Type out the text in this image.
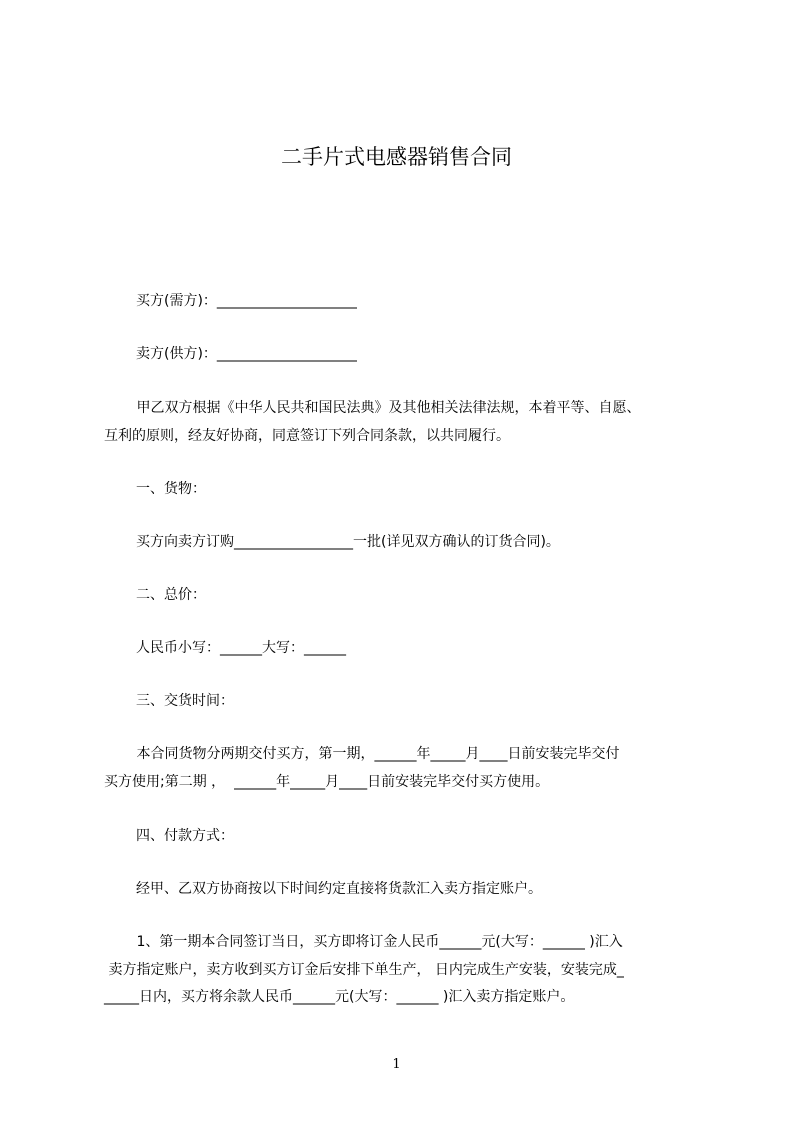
二手片式电感器销售合同
买方(需方)：____________________
卖方(供方)：____________________
甲乙双方根据《中华人民共和国民法典》及其他相关法律法规，本着平等、自愿、
互利的原则，经友好协商，同意签订下列合同条款，以共同履行。
一、货物：
买方向卖方订购_________________一批(详见双方确认的订货合同)。
二、总价：
人民币小写：______大写：______
三、交货时间：
本合同货物分两期交付买方，第一期，______年_____月____日前安装完毕交付
买方使用;第二期 ，  ______年_____月____日前安装完毕交付买方使用。
四、付款方式：
经甲、乙双方协商按以下时间约定直接将货款汇入卖方指定账户。
1、第一期本合同签订当日，买方即将订金人民币______元(大写：______ )汇入
卖方指定账户，卖方收到买方订金后安排下单生产， 日内完成生产安装，安装完成_
_____日内，买方将余款人民币______元(大写：______ )汇入卖方指定账户。
1
